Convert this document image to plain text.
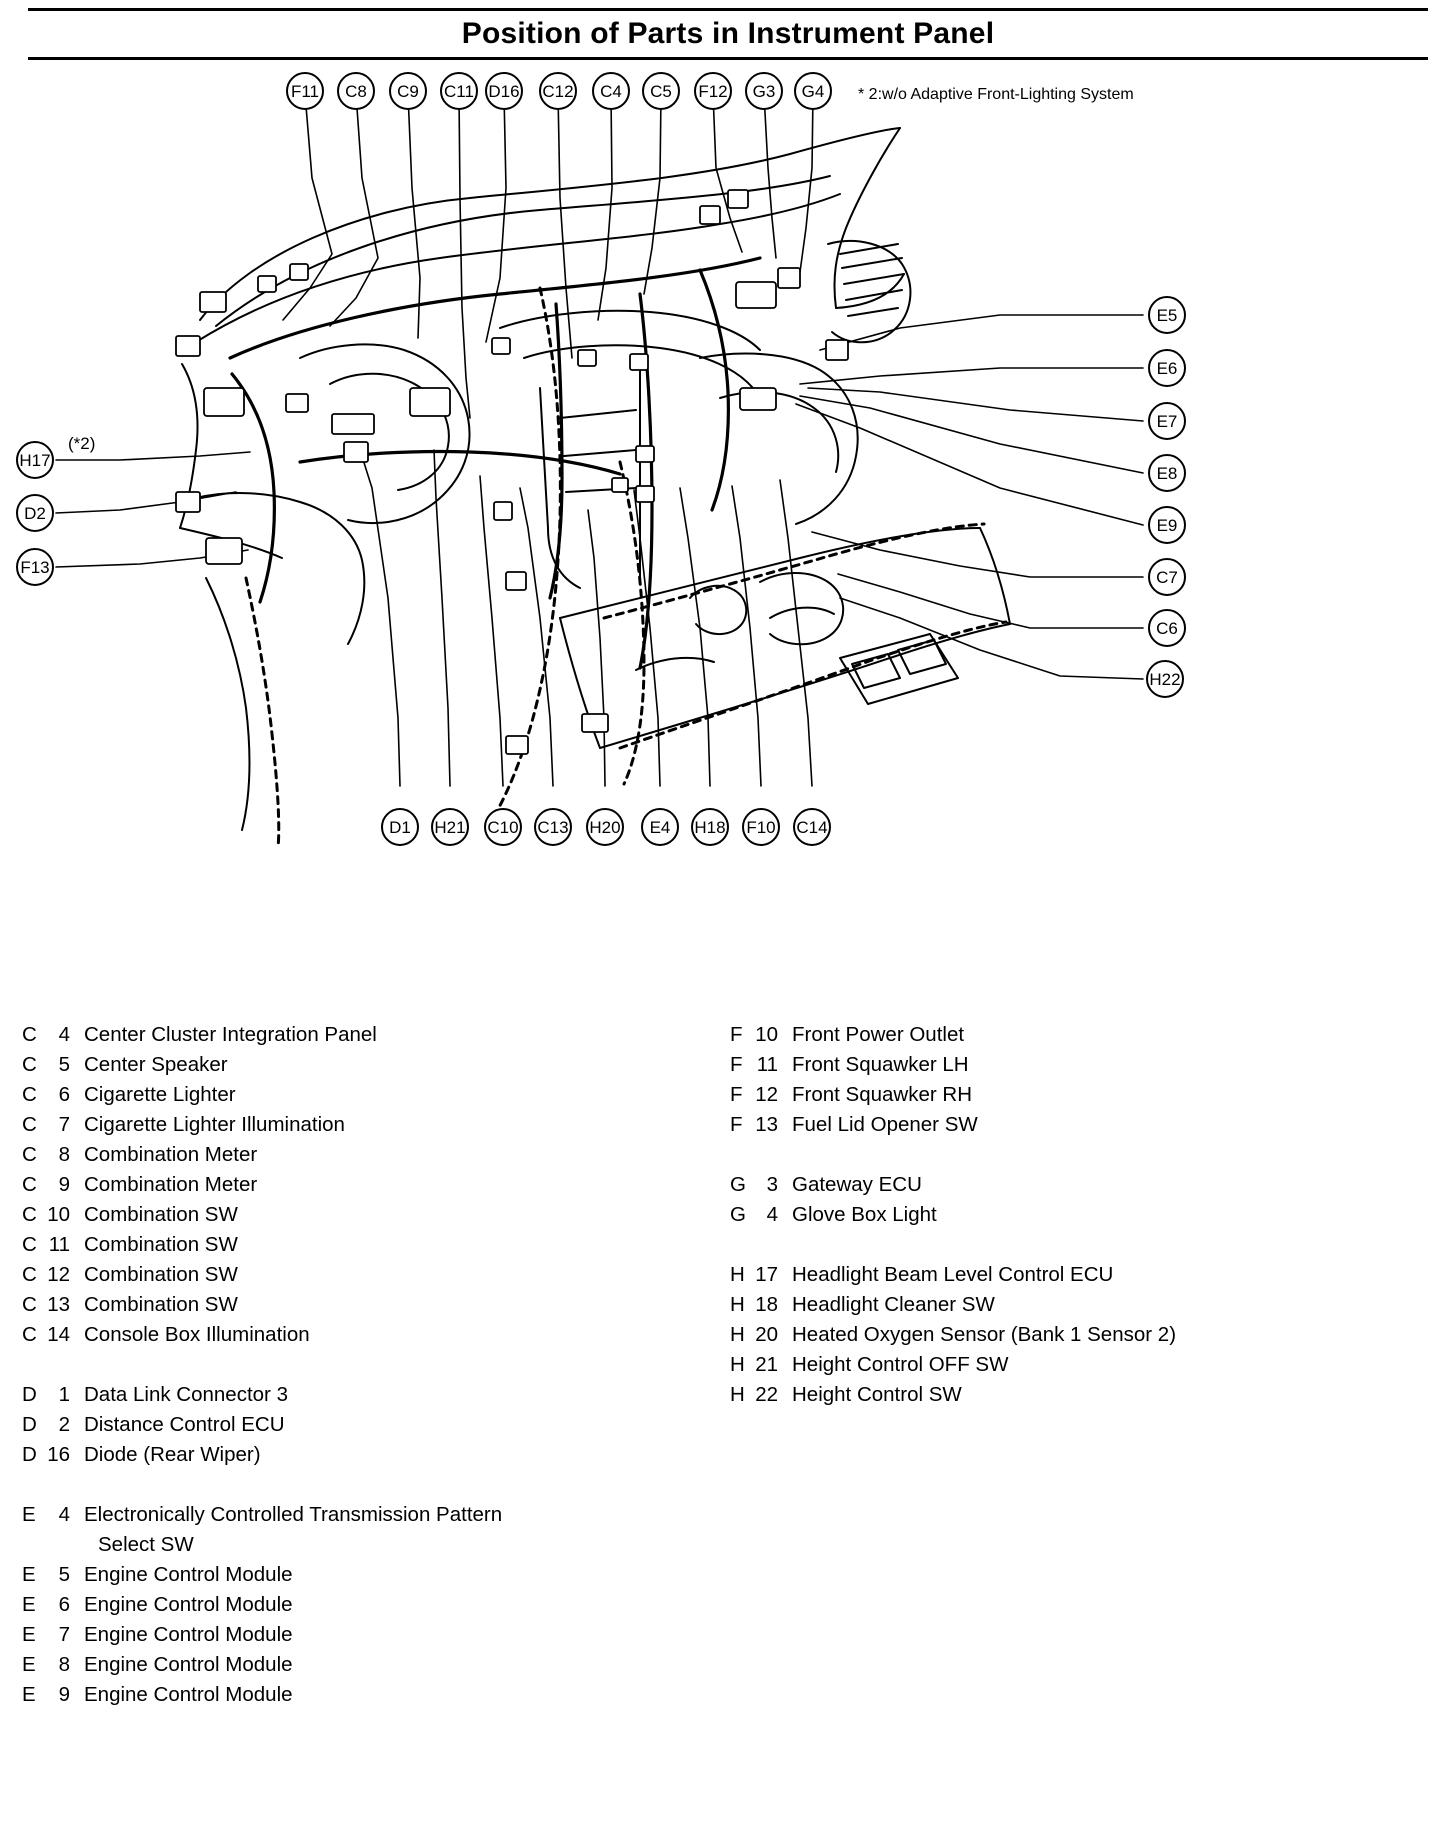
Position of Parts in Instrument Panel
F11	C8	C9	C11 D16 C12	C4	C5	F12	G3	G4
E5
E6
E7
E8
E9
C7
C6
H22
H17
D2
F13
D1	H21 C10 C13 H20	E4	H18 F10 C14
* 2:w/o Adaptive Front-Lighting System
(*2)
C 4 Center Cluster Integration Panel
C 5 Center Speaker
C 6 Cigarette Lighter
C 7 Cigarette Lighter Illumination
C 8 Combination Meter
C 9 Combination Meter
C 10 Combination SW
C 11 Combination SW
C 12 Combination SW
C 13 Combination SW
C 14 Console Box Illumination
D 1 Data Link Connector 3
D 2 Distance Control ECU
D 16 Diode (Rear Wiper)
E 4 Electronically Controlled Transmission Pattern
Select SW
E 5 Engine Control Module
E 6 Engine Control Module
E 7 Engine Control Module
E 8 Engine Control Module
E 9 Engine Control Module
F 10 Front Power Outlet
F 11 Front Squawker LH
F 12 Front Squawker RH
F 13 Fuel Lid Opener SW
G 3 Gateway ECU
G 4 Glove Box Light
H 17 Headlight Beam Level Control ECU
H 18 Headlight Cleaner SW
H 20 Heated Oxygen Sensor (Bank 1 Sensor 2)
H 21 Height Control OFF SW
H 22 Height Control SW
